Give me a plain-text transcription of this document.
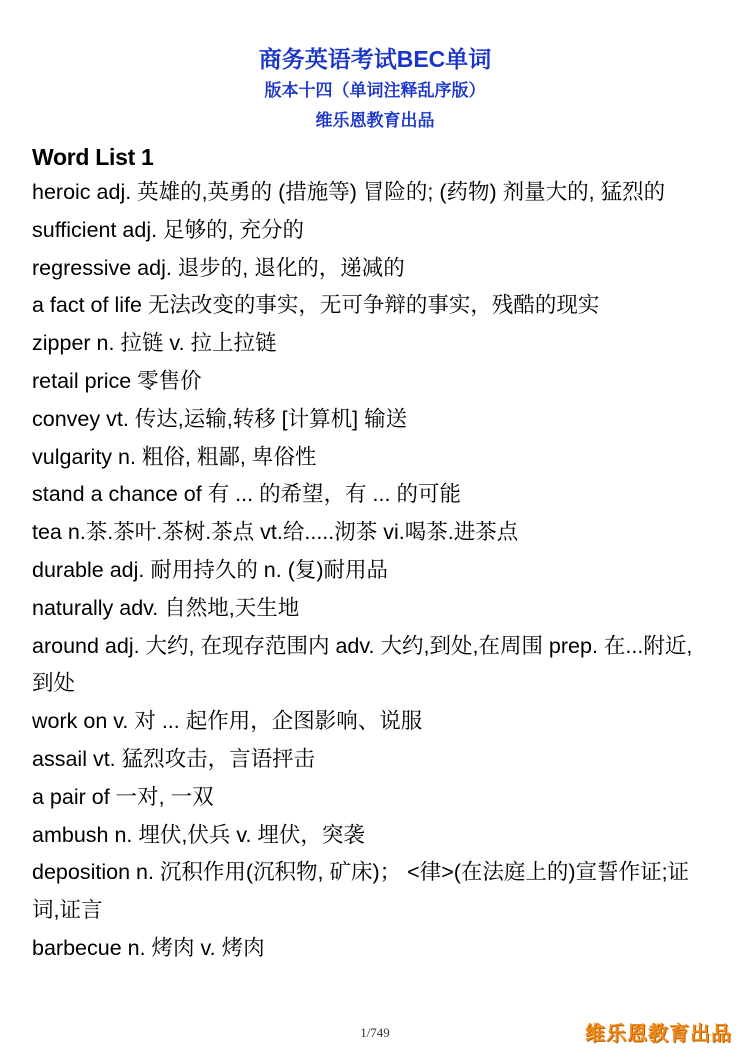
商务英语考试BEC单词
版本十四（单词注释乱序版）
维乐恩教育出品
Word List 1
heroic adj. 英雄的,英勇的 (措施等) 冒险的; (药物) 剂量大的, 猛烈的
sufficient adj. 足够的, 充分的
regressive adj. 退步的, 退化的，递减的
a fact of life 无法改变的事实，无可争辩的事实，残酷的现实
zipper n. 拉链 v. 拉上拉链
retail price 零售价
convey vt. 传达,运输,转移 [计算机] 输送
vulgarity n. 粗俗, 粗鄙, 卑俗性
stand a chance of 有 ... 的希望，有 ... 的可能
tea n.茶.茶叶.茶树.茶点 vt.给.....沏茶 vi.喝茶.进茶点
durable adj. 耐用持久的 n. (复)耐用品
naturally adv. 自然地,天生地
around adj. 大约, 在现存范围内 adv. 大约,到处,在周围 prep. 在...附近, 到处
work on v. 对 ... 起作用，企图影响、说服
assail vt. 猛烈攻击，言语抨击
a pair of 一对, 一双
ambush n. 埋伏,伏兵 v. 埋伏，突袭
deposition n. 沉积作用(沉积物, 矿床)； <律>(在法庭上的)宣誓作证;证词,证言
barbecue n. 烤肉 v. 烤肉
1/749	维乐恩教育出品
